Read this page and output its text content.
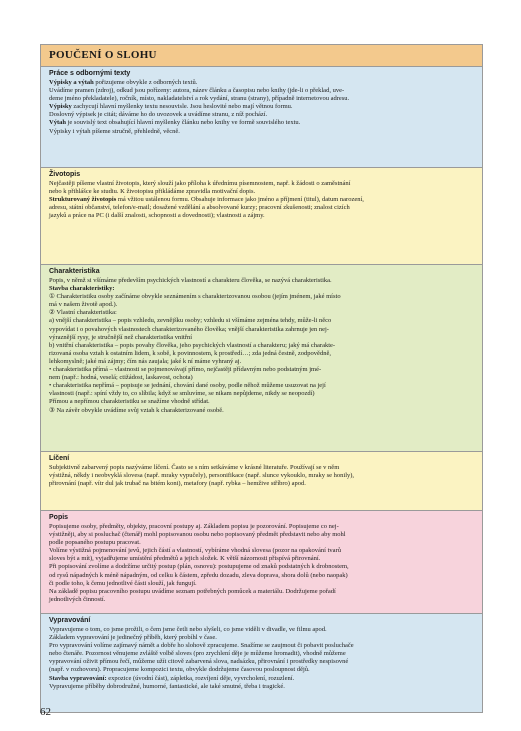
POUČENÍ O SLOHU
Práce s odbornými texty
Výpisky a výtah pořizujeme obvykle z odborných textů.
Uvádíme pramen (zdroj), odkud jsou pořízeny: autora, název článku a časopisu nebo knihy (jde-li o překlad, uve-
deme jméno překladatele), ročník, místo, nakladatelství a rok vydání, stranu (strany), případně internetovou adresu.
Výpisky zachycují hlavní myšlenky textu nesouvisle. Jsou heslovité nebo mají větnou formu.
Doslovný výpisek je citát; dáváme ho do uvozovek a uvádíme stranu, z níž pochází.
Výtah je souvislý text obsahující hlavní myšlenky článku nebo knihy ve formě souvislého textu.
Výpisky i výtah píšeme stručně, přehledně, věcně.
Životopis
Nejčastěji píšeme vlastní životopis, který slouží jako příloha k úřednímu písemnostem, např. k žádosti o zaměstnání
nebo k přihlášce ke studiu. K životopisu přikládáme zpravidla motivační dopis.
Strukturovaný životopis má vžitou ustálenou formu. Obsahuje informace jako jméno a příjmení (titul), datum narození,
adresu, státní občanství, telefon/e-mail; dosažené vzdělání a absolvované kurzy; pracovní zkušenosti; znalost cizích
jazyků a práce na PC (i další znalosti, schopnosti a dovednosti); vlastnosti a zájmy.
Charakteristika
Popis, v němž si všímáme především psychických vlastností a charakteru člověka, se nazývá charakteristika.
Stavba charakteristiky:
① Charakteristiku osoby začínáme obvykle seznámením s charakterizovanou osobou (jejím jménem, jaké místo
má v našem životě apod.).
② Vlastní charakteristika:
a) vnější charakteristika – popis vzhledu, zevnějšku osoby; vzhledu si všímáme zejména tehdy, může-li něco
vypovídat i o povahových vlastnostech charakterizovaného člověka; vnější charakteristika zahrnuje jen nej-
výraznější rysy, je stručnější než charakteristika vnitřní
b) vnitřní charakteristika – popis povahy člověka, jeho psychických vlastností a charakteru; jaký má charakte-
rizovaná osoba vztah k ostatním lidem, k sobě, k povinnostem, k prostředí…; zda jedná čestně, zodpovědně,
lehkomyslně; jaké má zájmy; čím nás zaujala; jaké k ní máme vyhraný aj.
• charakteristika přímá – vlastnosti se pojmenovávají přímo, nejčastěji přídavným nebo podstatným jmé-
nem (např.: hodná, veselá; ctižádost, laskavost, ochota)
• charakteristika nepřímá – popisuje se jednání, chování dané osoby, podle něhož můžeme usuzovat na její
vlastnosti (např.: spíní vždy to, co slíbila; když se smluvíme, se nikam nepůjdeme, nikdy se neopozdí)
Přímou a nepřímou charakteristiku se snažíme vhodně střídat.
③ Na závěr obvykle uvádíme svůj vztah k charakterizované osobě.
Líčení
Subjektivně zabarvený popis nazýváme líčení. Často se s ním setkáváme v krásné literatuře. Používají se v něm
výstižná, někdy i neobvyklá slovesa (např. mraky vypučely), personifikace (např. slunce vykouklo, mraky se honily),
přirovnání (např. vítr dul jak trubač na bitém koni), metafory (např. rybka – hemžive stříbro) apod.
Popis
Popisujeme osoby, předměty, objekty, pracovní postupy aj. Základem popisu je pozorování. Popisujeme co nej-
výstižněji, aby si posluchač (čtenář) mohl popisovanou osobu nebo popisovaný předmět představit nebo aby mohl
podle popsaného postupu pracovat.
Volíme výstižná pojmenování jevů, jejich částí a vlastností, vybíráme vhodná slovesa (pozor na opakování tvarů
sloves být a mít), vyjadřujeme umístění předmětů a jejich složek. K větší názornosti přispívá přirovnání.
Při popisování zvolíme a dodržíme určitý postup (plán, osnovu): postupujeme od znaků podstatných k drobnostem,
od rysů nápadných k méně nápadným, od celku k částem, zpředu dozadu, zleva doprava, shora dolů (nebo naopak)
či podle toho, k čemu jednotlivé části slouží, jak fungují.
Na základě popisu pracovního postupu uvádíme seznam potřebných pomůcek a materiálu. Dodržujeme pořadí
jednotlivých činností.
Vypravování
Vypravujeme o tom, co jsme prožili, o čem jsme četli nebo slyšeli, co jsme viděli v divadle, ve filmu apod.
Základem vypravování je jedinečný příběh, který probíhl v čase.
Pro vypravování volíme zajímavý námět a dobře ho slohově zpracujeme. Snažíme se zaujmout či pobavit posluchače
nebo čtenáře. Pozornost věnujeme zvláště volbě sloves (pro zrychlení děje je můžeme hromadit), vhodně můžeme
vypravování oživit přímou řečí, můžeme užít citově zabarvená slova, nadsázku, přirovnání i prostředky nespisovné
(např. v rozhovoru). Propracujeme kompozici textu, obvykle dodržujeme časovou posloupnost dějů.
Stavba vypravování: expozice (úvodní část), zápletka, rozvíjení děje, vyvrcholení, rozuzlení.
Vypravujeme příběhy dobrodružné, humorné, fantastické, ale také smutné, třeba i tragické.
62
